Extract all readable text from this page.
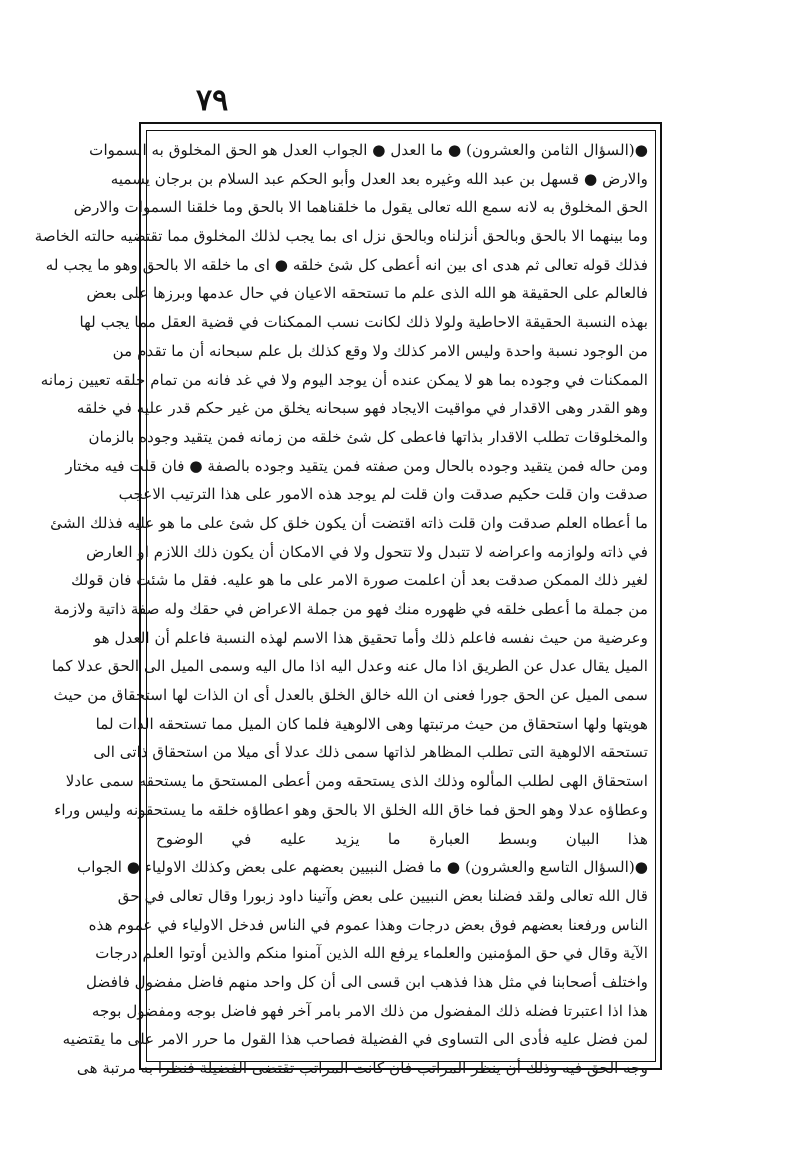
٧٩
●(السؤال الثامن والعشرون) ● ما العدل ● الجواب العدل هو الحق المخلوق به السموات
والارض ● قسهل بن عبد الله وغيره بعد العدل وأبو الحكم عبد السلام بن برجان يسميه
الحق المخلوق به لانه سمع الله تعالى يقول ما خلقناهما الا بالحق وما خلقنا السموات والارض
وما بينهما الا بالحق وبالحق أنزلناه وبالحق نزل اى بما يجب لذلك المخلوق مما تقتضيه حالته الخاصة
فذلك قوله تعالى ثم هدى اى بين انه أعطى كل شئ خلقه ● اى ما خلقه الا بالحق وهو ما يجب له
فالعالم على الحقيقة هو الله الذى علم ما تستحقه الاعيان في حال عدمها وبرزها على بعض
بهذه النسبة الحقيقة الاحاطية ولولا ذلك لكانت نسب الممكنات في قضية العقل مما يجب لها
من الوجود نسبة واحدة وليس الامر كذلك ولا وقع كذلك بل علم سبحانه أن ما تقدم من
الممكنات في وجوده بما هو لا يمكن عنده أن يوجد اليوم ولا في غد فانه من تمام خلقه تعيين زمانه
وهو القدر وهى الاقدار في مواقيت الايجاد فهو سبحانه يخلق من غير حكم قدر عليه في خلقه
والمخلوقات تطلب الاقدار بذاتها فاعطى كل شئ خلقه من زمانه فمن يتقيد وجوده بالزمان
ومن حاله فمن يتقيد وجوده بالحال ومن صفته فمن يتقيد وجوده بالصفة ● فان قلت فيه مختار
صدقت وان قلت حكيم صدقت وان قلت لم يوجد هذه الامور على هذا الترتيب الاعجب
ما أعطاه العلم صدقت وان قلت ذاته اقتضت أن يكون خلق كل شئ على ما هو عليه فذلك الشئ
في ذاته ولوازمه واعراضه لا تتبدل ولا تتحول ولا في الامكان أن يكون ذلك اللازم او العارض
لغير ذلك الممكن صدقت بعد أن اعلمت صورة الامر على ما هو عليه. فقل ما شئت فان قولك
من جملة ما أعطى خلقه في ظهوره منك فهو من جملة الاعراض في حقك وله صفة ذاتية ولازمة
وعرضية من حيث نفسه فاعلم ذلك وأما تحقيق هذا الاسم لهذه النسبة فاعلم أن العدل هو
الميل يقال عدل عن الطريق اذا مال عنه وعدل اليه اذا مال اليه وسمى الميل الى الحق عدلا كما
سمى الميل عن الحق جورا فعنى ان الله خالق الخلق بالعدل أى ان الذات لها استحقاق من حيث
هويتها ولها استحقاق من حيث مرتبتها وهى الالوهية فلما كان الميل مما تستحقه الذات لما
تستحقه الالوهية التى تطلب المظاهر لذاتها سمى ذلك عدلا أى ميلا من استحقاق ذاتى الى
استحقاق الهى لطلب المألوه وذلك الذى يستحقه ومن أعطى المستحق ما يستحقه سمى عادلا
وعطاؤه عدلا وهو الحق فما خاق الله الخلق الا بالحق وهو اعطاؤه خلقه ما يستحقونه وليس وراء
هذا البيان وبسط العبارة ما يزيد عليه في الوضوح
●(السؤال التاسع والعشرون) ● ما فضل النبيين بعضهم على بعض وكذلك الاولياء ● الجواب
قال الله تعالى ولقد فضلنا بعض النبيين على بعض وآتينا داود زبورا وقال تعالى في حق
الناس ورفعنا بعضهم فوق بعض درجات وهذا عموم في الناس فدخل الاولياء في عموم هذه
الآية وقال في حق المؤمنين والعلماء يرفع الله الذين آمنوا منكم والذين أوتوا العلم درجات
واختلف أصحابنا في مثل هذا فذهب ابن قسى الى أن كل واحد منهم فاضل مفضول فافضل
هذا اذا اعتبرتا فضله ذلك المفضول من ذلك الامر بامر آخر فهو فاضل بوجه ومفضول بوجه
لمن فضل عليه فأدى الى التساوى في الفضيلة فصاحب هذا القول ما حرر الامر على ما يقتضيه
وجه الحق فيه وذلك أن ينظر المراتب فان كانت المراتب تقتضى الفضيلة فنظرا به مرتبة هى
